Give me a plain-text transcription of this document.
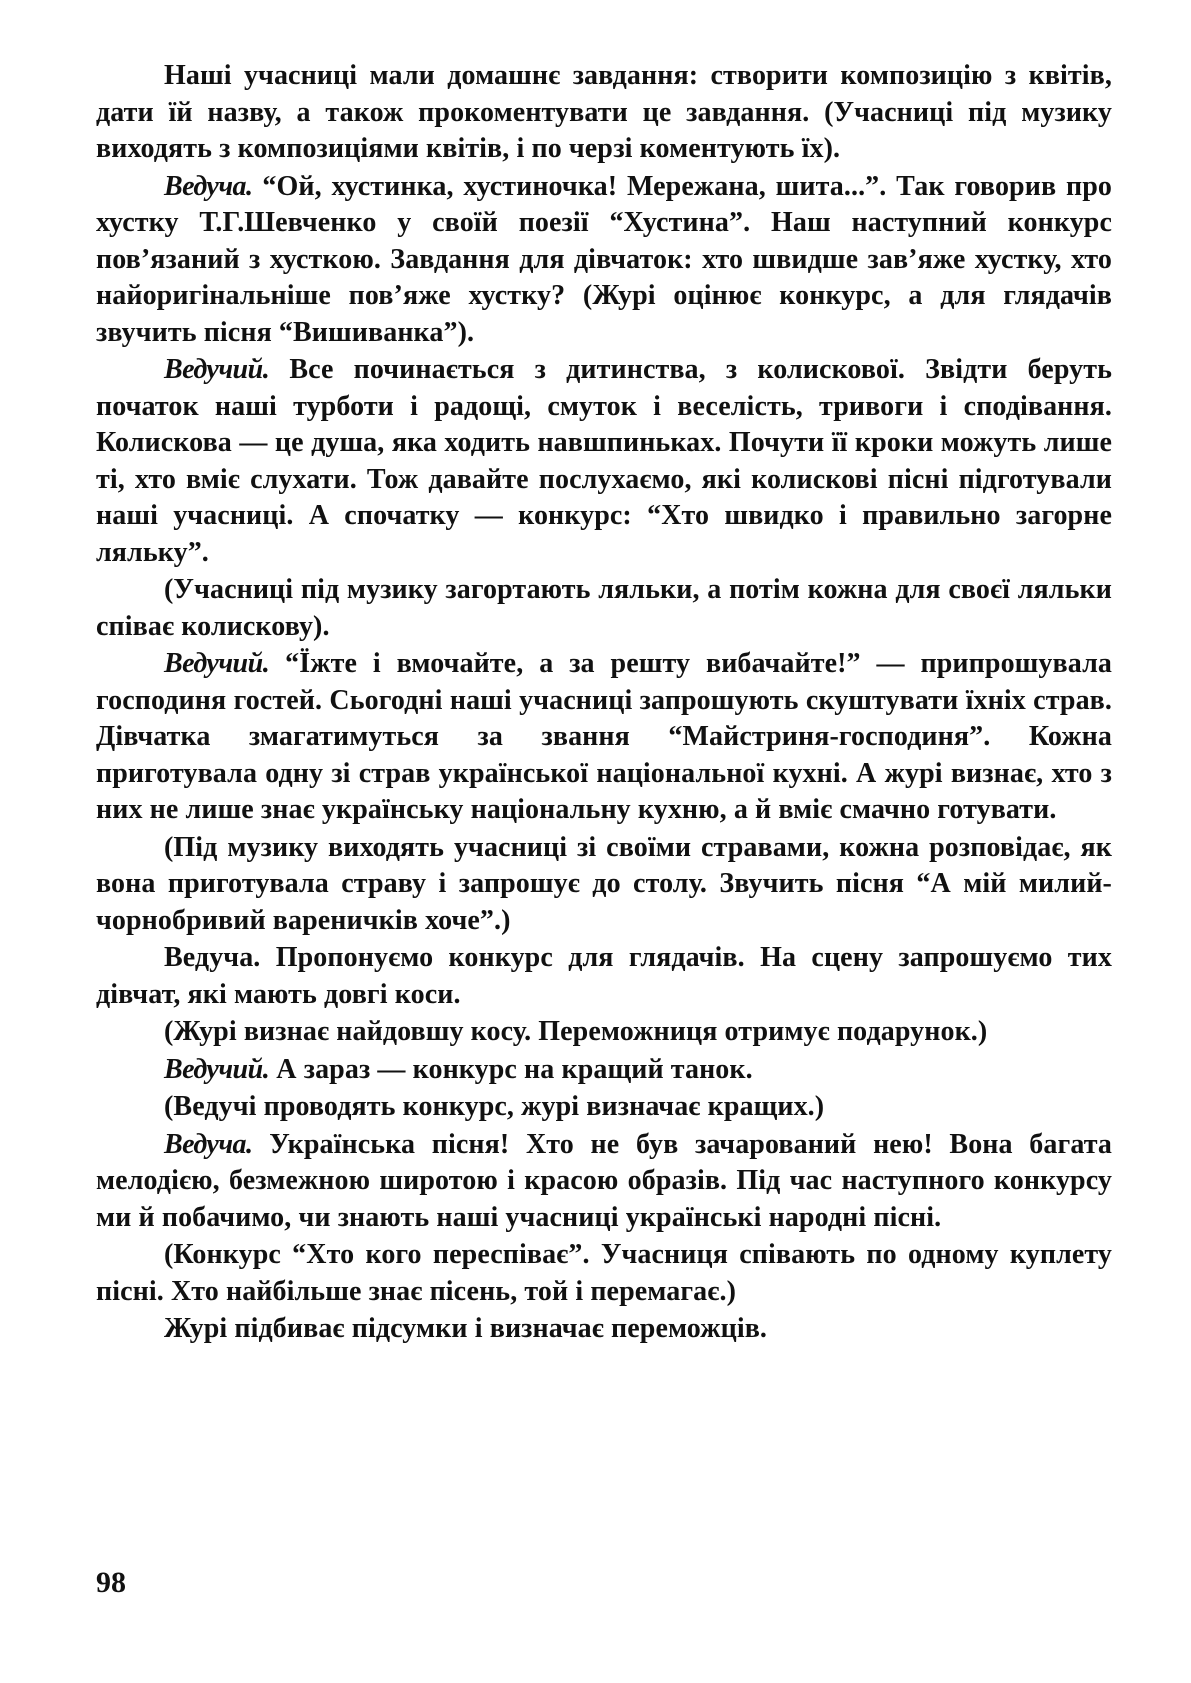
Наші учасниці мали домашнє завдання: створити композицію з квітів, дати їй назву, а також прокоментувати це завдання. (Учасниці під музику виходять з композиціями квітів, і по черзі коментують їх).

Ведуча. “Ой, хустинка, хустиночка! Мережана, шита...”. Так говорив про хустку Т.Г.Шевченко у своїй поезії “Хустина”. Наш наступний конкурс пов’язаний з хусткою. Завдання для дівчаток: хто швидше зав’яже хустку, хто найоригінальніше пов’яже хустку? (Журі оцінює конкурс, а для глядачів звучить пісня “Вишиванка”).

Ведучий. Все починається з дитинства, з колискової. Звідти беруть початок наші турботи і радощі, смуток і веселість, тривоги і сподівання. Колискова — це душа, яка ходить навшпиньках. Почути її кроки можуть лише ті, хто вміє слухати. Тож давайте послухаємо, які колискові пісні підготували наші учасниці. А спочатку — конкурс: “Хто швидко і правильно загорне ляльку”.

(Учасниці під музику загортають ляльки, а потім кожна для своєї ляльки співає колискову).

Ведучий. “Їжте і вмочайте, а за решту вибачайте!” — припрошувала господиня гостей. Сьогодні наші учасниці запрошують скуштувати їхніх страв. Дівчатка змагатимуться за звання “Майстриня-господиня”. Кожна приготувала одну зі страв української національної кухні. А журі визнає, хто з них не лише знає українську національну кухню, а й вміє смачно готувати.

(Під музику виходять учасниці зі своїми стравами, кожна розповідає, як вона приготувала страву і запрошує до столу. Звучить пісня “А мій милий-чорнобривий вареничків хоче”.)

Ведуча. Пропонуємо конкурс для глядачів. На сцену запрошуємо тих дівчат, які мають довгі коси.

(Журі визнає найдовшу косу. Переможниця отримує подарунок.)

Ведучий. А зараз — конкурс на кращий танок.

(Ведучі проводять конкурс, журі визначає кращих.)

Ведуча. Українська пісня! Хто не був зачарований нею! Вона багата мелодією, безмежною широтою і красою образів. Під час наступного конкурсу ми й побачимо, чи знають наші учасниці українські народні пісні.

(Конкурс “Хто кого переспіває”. Учасниця співають по одному куплету пісні. Хто найбільше знає пісень, той і перемагає.)

Журі підбиває підсумки і визначає переможців.

98
